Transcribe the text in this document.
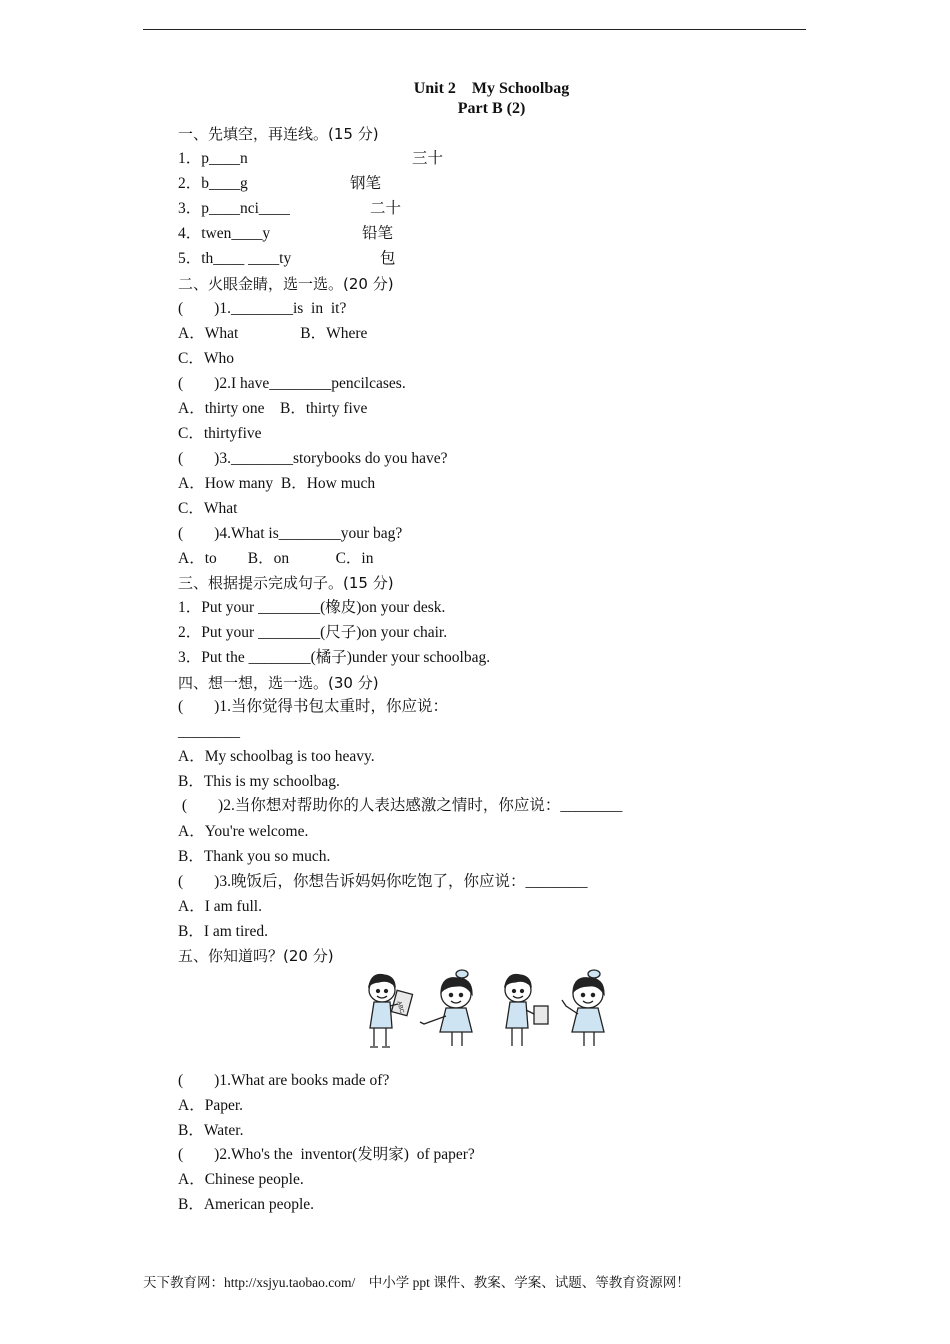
Unit 2　My Schoolbag
Part B (2)
一、先填空，再连线。(15 分)
1．p____n
2．b____g
3．p____nci____
4．twen____y
5．th____ ____ty
三十
钢笔
二十
铅笔
包
二、火眼金睛，选一选。(20 分)
(　　)1.________is  in  it?
A．What　　　　B．Where
C．Who
(　　)2.I have________pencilcases.
A．thirty one　B．thirty five
C．thirtyfive
(　　)3.________storybooks do you have?
A．How many  B．How much
C．What
(　　)4.What is________your bag?
A．to　　B．on　　　C．in
三、根据提示完成句子。(15 分)
1．Put your ________(橡皮)on your desk.
2．Put your ________(尺子)on your chair.
3．Put the ________(橘子)under your schoolbag.
四、想一想，选一选。(30 分)
(　　)1.当你觉得书包太重时，你应说：
________
A．My schoolbag is too heavy.
B．This is my schoolbag.
(　　)2.当你想对帮助你的人表达感激之情时，你应说：________
A．You're welcome.
B．Thank you so much.
(　　)3.晚饭后，你想告诉妈妈你吃饱了，你应说：________
A．I am full.
B．I am tired.
五、你知道吗？(20 分)
ABC
(　　)1.What are books made of?
A．Paper.
B．Water.
(　　)2.Who's the  inventor(发明家)  of paper?
A．Chinese people.
B．American people.
天下教育网：http://xsjyu.taobao.com/　中小学 ppt 课件、教案、学案、试题、等教育资源网！
